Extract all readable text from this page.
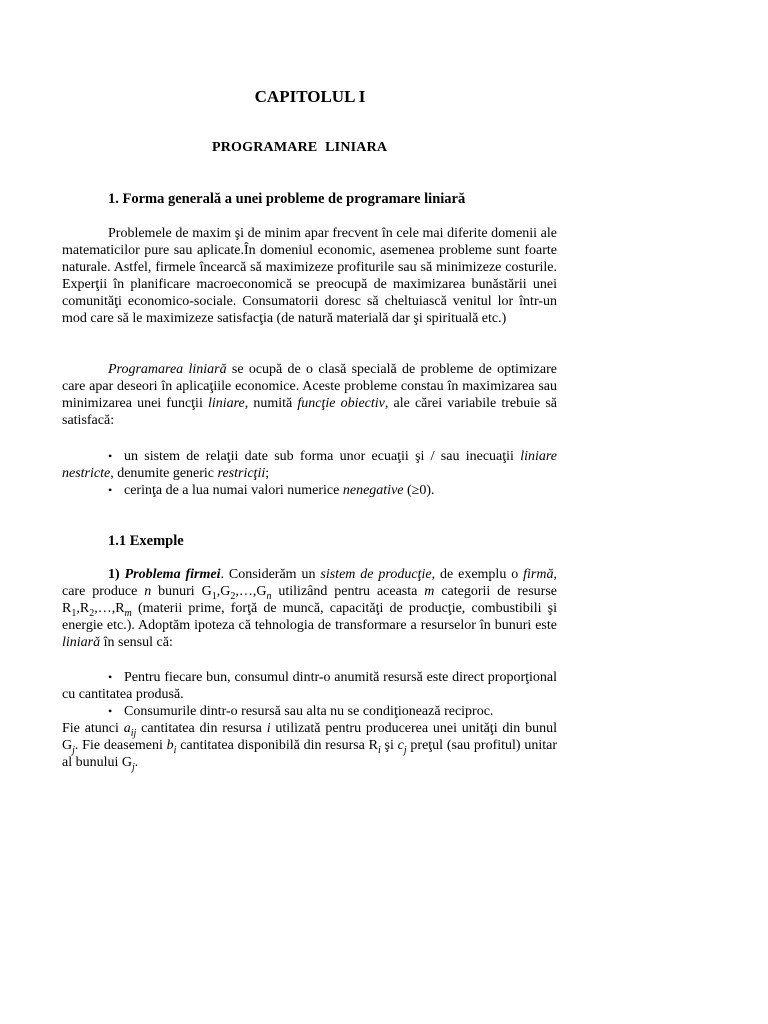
CAPITOLUL I
PROGRAMARE LINIARA
1. Forma generală a unei probleme de programare liniară

Problemele de maxim şi de minim apar frecvent în cele mai diferite domenii ale matematicilor pure sau aplicate.În domeniul economic, asemenea probleme sunt foarte naturale. Astfel, firmele încearcă să maximizeze profiturile sau să minimizeze costurile. Experţii în planificare macroeconomică se preocupă de maximizarea bunăstării unei comunităţi economico-sociale. Consumatorii doresc să cheltuiască venitul lor într-un mod care să le maximizeze satisfacţia (de natură materială dar şi spirituală etc.)

Programarea liniară se ocupă de o clasă specială de probleme de optimizare care apar deseori în aplicaţiile economice. Aceste probleme constau în maximizarea sau minimizarea unei funcţii liniare, numită funcţie obiectiv, ale cărei variabile trebuie să satisfacă:

• un sistem de relaţii date sub forma unor ecuaţii şi / sau inecuaţii liniare nestricte, denumite generic restricţii;
• cerinţa de a lua numai valori numerice nenegative (≥0).
1.1 Exemple

1) Problema firmei. Considerăm un sistem de producţie, de exemplu o firmă, care produce n bunuri $G_1,G_2,\dots,G_n$ utilizând pentru aceasta m categorii de resurse $R_1,R_2,\dots,R_m$ (materii prime, forţă de muncă, capacităţi de producţie, combustibili şi energie etc.). Adoptăm ipoteza că tehnologia de transformare a resurselor în bunuri este liniară în sensul că:

• Pentru fiecare bun, consumul dintr-o anumită resursă este direct proporţional cu cantitatea produsă.
• Consumurile dintr-o resursă sau alta nu se condiţionează reciproc.

Fie atunci $a_{ij}$ cantitatea din resursa i utilizată pentru producerea unei unităţi din bunul $G_j$. Fie deasemeni $b_i$ cantitatea disponibilă din resursa $R_i$ şi $c_j$ preţul (sau profitul) unitar al bunului $G_j$.
